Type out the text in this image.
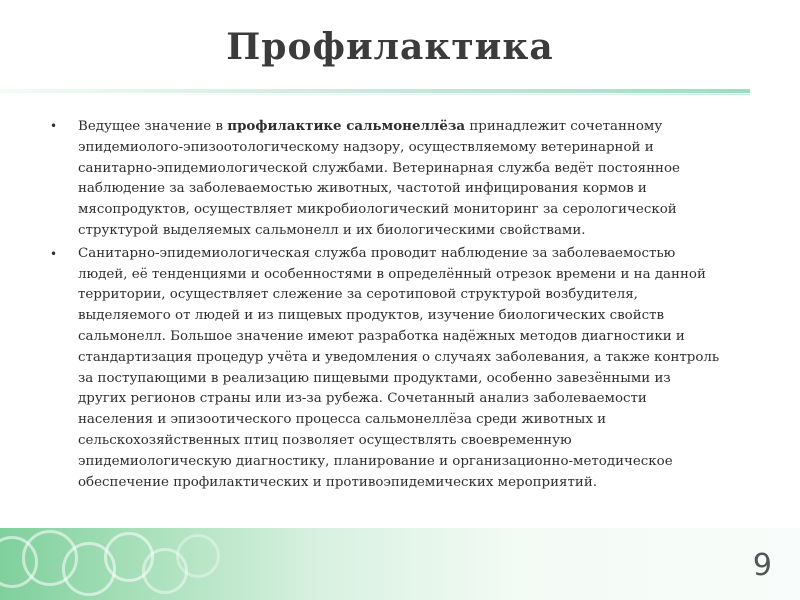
Профилактика
•	Ведущее значение в профилактике сальмонеллёза принадлежит сочетанному
эпидемиолого-эпизоотологическому надзору, осуществляемому ветеринарной и
санитарно-эпидемиологической службами. Ветеринарная служба ведёт постоянное
наблюдение за заболеваемостью животных, частотой инфицирования кормов и
мясопродуктов, осуществляет микробиологический мониторинг за серологической
структурой выделяемых сальмонелл и их биологическими свойствами.
•	Санитарно-эпидемиологическая служба проводит наблюдение за заболеваемостью
людей, её тенденциями и особенностями в определённый отрезок времени и на данной
территории, осуществляет слежение за серотиповой структурой возбудителя,
выделяемого от людей и из пищевых продуктов, изучение биологических свойств
сальмонелл. Большое значение имеют разработка надёжных методов диагностики и
стандартизация процедур учёта и уведомления о случаях заболевания, а также контроль
за поступающими в реализацию пищевыми продуктами, особенно завезёнными из
других регионов страны или из-за рубежа. Сочетанный анализ заболеваемости
населения и эпизоотического процесса сальмонеллёза среди животных и
сельскохозяйственных птиц позволяет осуществлять своевременную
эпидемиологическую диагностику, планирование и организационно-методическое
обеспечение профилактических и противоэпидемических мероприятий.
9
